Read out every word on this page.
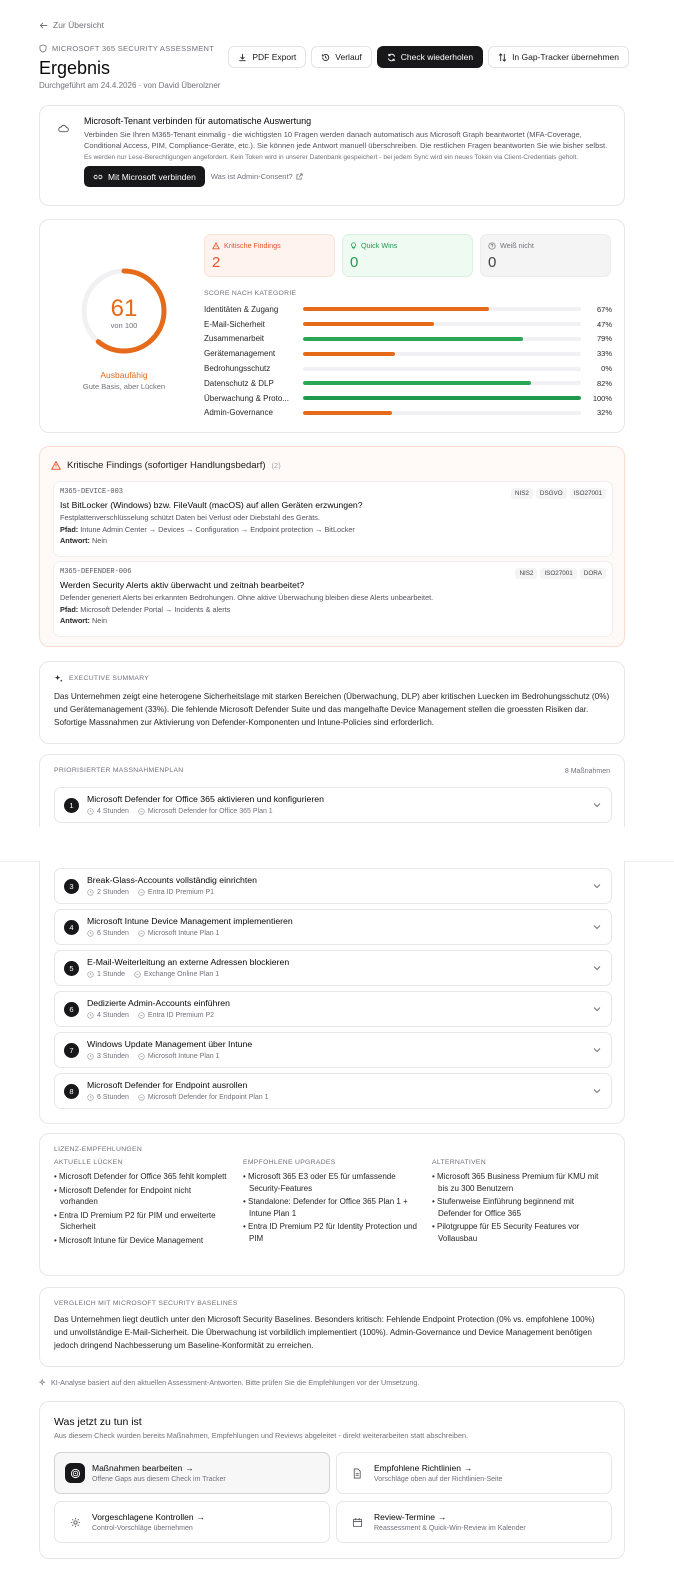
Zur Übersicht
MICROSOFT 365 SECURITY ASSESSMENT
Ergebnis
Durchgeführt am 24.4.2026 · von David Überolzner
PDF Export	Verlauf	Check wiederholen	In Gap-Tracker übernehmen
Microsoft-Tenant verbinden für automatische Auswertung
Verbinden Sie Ihren M365-Tenant einmalig - die wichtigsten 10 Fragen werden danach automatisch aus Microsoft Graph beantwortet (MFA-Coverage, Conditional Access, PIM, Compliance-Geräte, etc.). Sie können jede Antwort manuell überschreiben. Die restlichen Fragen beantworten Sie wie bisher selbst.
Es werden nur Lese-Berechtigungen angefordert. Kein Token wird in unserer Datenbank gespeichert - bei jedem Sync wird ein neues Token via Client-Credentials geholt.
Mit Microsoft verbinden Was ist Admin-Consent?
61
von 100
Ausbaufähig
Gute Basis, aber Lücken
Kritische Findings
2
Quick Wins
0
Weiß nicht
0
SCORE NACH KATEGORIE
Identitäten & Zugang	67%
E-Mail-Sicherheit	47%
Zusammenarbeit	79%
Gerätemanagement	33%
Bedrohungsschutz	0%
Datenschutz & DLP	82%
Überwachung & Proto...	100%
Admin-Governance	32%
Kritische Findings (sofortiger Handlungsbedarf) (2)
M365-DEVICE-003	NIS2	DSGVO	ISO27001
Ist BitLocker (Windows) bzw. FileVault (macOS) auf allen Geräten erzwungen?
Festplattenverschlüsselung schützt Daten bei Verlust oder Diebstahl des Geräts.
Pfad: Intune Admin Center → Devices → Configuration → Endpoint protection → BitLocker
Antwort: Nein
M365-DEFENDER-006	NIS2	ISO27001	DORA
Werden Security Alerts aktiv überwacht und zeitnah bearbeitet?
Defender generiert Alerts bei erkannten Bedrohungen. Ohne aktive Überwachung bleiben diese Alerts unbearbeitet.
Pfad: Microsoft Defender Portal → Incidents & alerts
Antwort: Nein
EXECUTIVE SUMMARY
Das Unternehmen zeigt eine heterogene Sicherheitslage mit starken Bereichen (Überwachung, DLP) aber kritischen Luecken im Bedrohungsschutz (0%) und Gerätemanagement (33%). Die fehlende Microsoft Defender Suite und das mangelhafte Device Management stellen die groessten Risiken dar. Sofortige Massnahmen zur Aktivierung von Defender-Komponenten und Intune-Policies sind erforderlich.
PRIORISIERTER MASSNAHMENPLAN	8 Maßnahmen
1
Microsoft Defender for Office 365 aktivieren und konfigurieren
4 Stunden	Microsoft Defender for Office 365 Plan 1
3
Break-Glass-Accounts vollständig einrichten
2 Stunden	Entra ID Premium P1
4
Microsoft Intune Device Management implementieren
6 Stunden	Microsoft Intune Plan 1
5
E-Mail-Weiterleitung an externe Adressen blockieren
1 Stunde	Exchange Online Plan 1
6
Dedizierte Admin-Accounts einführen
4 Stunden	Entra ID Premium P2
7
Windows Update Management über Intune
3 Stunden	Microsoft Intune Plan 1
8
Microsoft Defender for Endpoint ausrollen
6 Stunden	Microsoft Defender for Endpoint Plan 1
LIZENZ-EMPFEHLUNGEN
AKTUELLE LÜCKEN
• Microsoft Defender for Office 365 fehlt komplett
• Microsoft Defender for Endpoint nicht vorhanden
• Entra ID Premium P2 für PIM und erweiterte Sicherheit
• Microsoft Intune für Device Management
EMPFOHLENE UPGRADES
• Microsoft 365 E3 oder E5 für umfassende Security-Features
• Standalone: Defender for Office 365 Plan 1 + Intune Plan 1
• Entra ID Premium P2 für Identity Protection und PIM
ALTERNATIVEN
• Microsoft 365 Business Premium für KMU mit bis zu 300 Benutzern
• Stufenweise Einführung beginnend mit Defender for Office 365
• Pilotgruppe für E5 Security Features vor Vollausbau
VERGLEICH MIT MICROSOFT SECURITY BASELINES
Das Unternehmen liegt deutlich unter den Microsoft Security Baselines. Besonders kritisch: Fehlende Endpoint Protection (0% vs. empfohlene 100%) und unvollständige E-Mail-Sicherheit. Die Überwachung ist vorbildlich implementiert (100%). Admin-Governance und Device Management benötigen jedoch dringend Nachbesserung um Baseline-Konformität zu erreichen.
KI-Analyse basiert auf den aktuellen Assessment-Antworten. Bitte prüfen Sie die Empfehlungen vor der Umsetzung.
Was jetzt zu tun ist
Aus diesem Check wurden bereits Maßnahmen, Empfehlungen und Reviews abgeleitet - direkt weiterarbeiten statt abschreiben.
Maßnahmen bearbeiten →
Offene Gaps aus diesem Check im Tracker
Empfohlene Richtlinien →
Vorschläge oben auf der Richtlinien-Seite
Vorgeschlagene Kontrollen →
Control-Vorschläge übernehmen
Review-Termine →
Reassessment & Quick-Win-Review im Kalender
